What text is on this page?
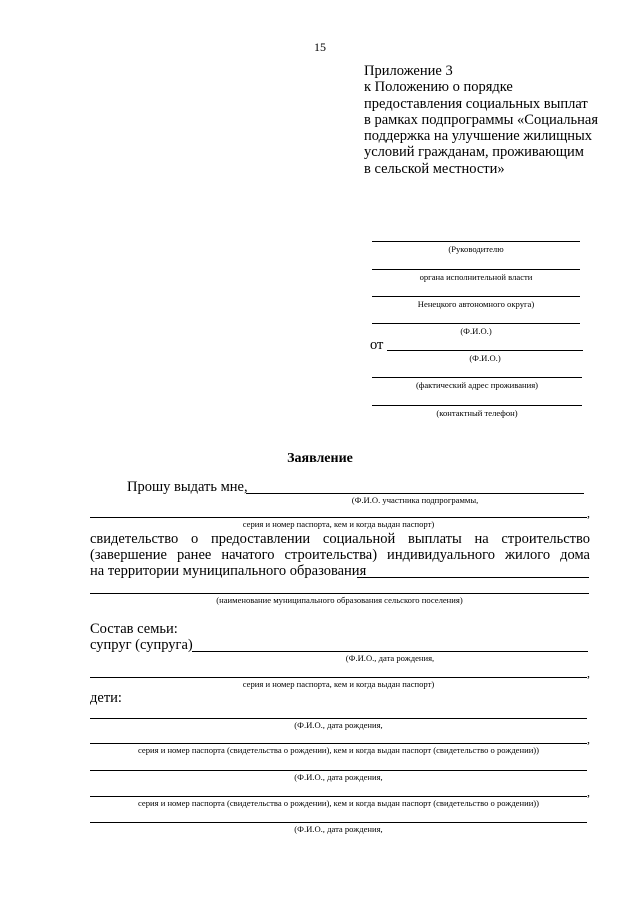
15
Приложение 3
к Положению о порядке
предоставления социальных выплат
в рамках подпрограммы «Социальная
поддержка на улучшение жилищных
условий гражданам, проживающим
в сельской местности»
(Руководителю
органа исполнительной власти
Ненецкого автономного округа)
(Ф.И.О.)
от
(Ф.И.О.)
(фактический адрес проживания)
(контактный телефон)
Заявление
Прошу выдать мне,
(Ф.И.О. участника подпрограммы,
,
серия и номер паспорта, кем и когда выдан паспорт)
свидетельство о предоставлении социальной выплаты на строительство
(завершение ранее начатого строительства) индивидуального жилого дома
на территории муниципального образования
(наименование муниципального образования сельского поселения)
Состав семьи:
супруг (супруга)
(Ф.И.О., дата рождения,
,
серия и номер паспорта, кем и когда выдан паспорт)
дети:
(Ф.И.О., дата рождения,
,
серия и номер паспорта (свидетельства о рождении), кем и когда выдан паспорт (свидетельство о рождении))
(Ф.И.О., дата рождения,
,
серия и номер паспорта (свидетельства о рождении), кем и когда выдан паспорт (свидетельство о рождении))
(Ф.И.О., дата рождения,
